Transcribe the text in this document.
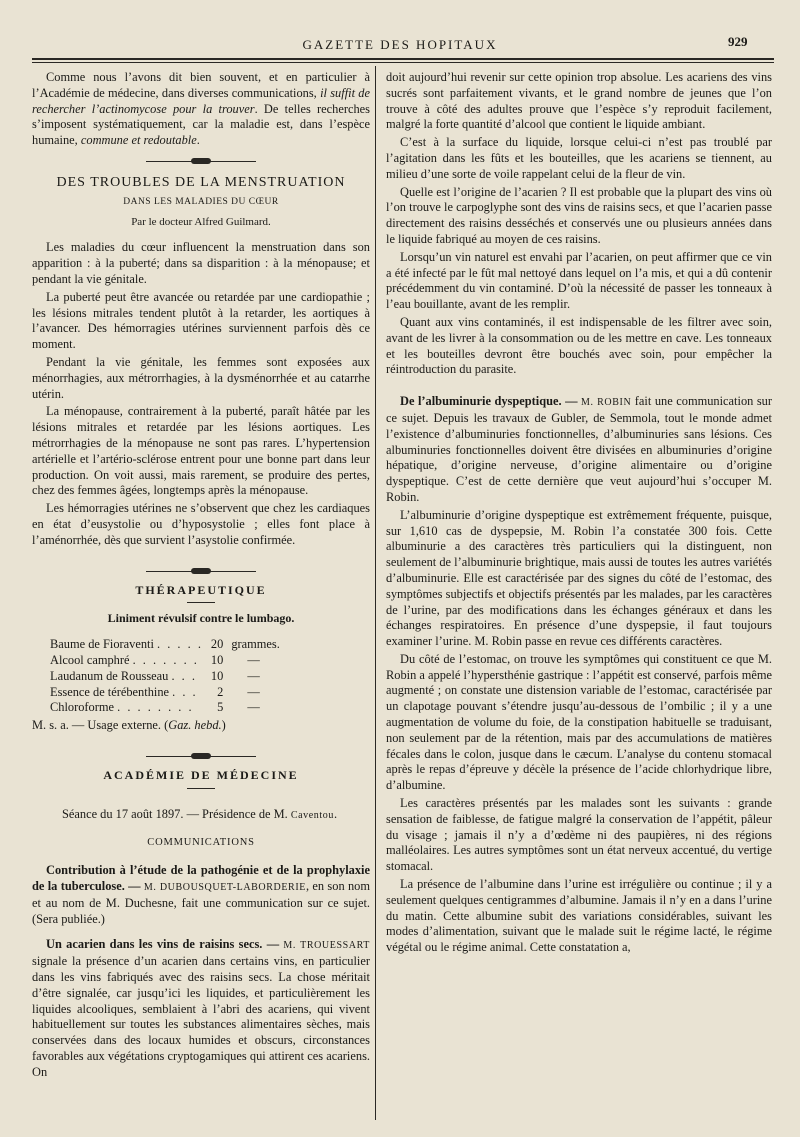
GAZETTE DES HOPITAUX	929

Comme nous l’avons dit bien souvent, et en particulier à l’Académie de médecine, dans diverses communications, il suffit de rechercher l’actinomycose pour la trouver. De telles recherches s’imposent systématiquement, car la maladie est, dans l’espèce humaine, commune et redoutable.

DES TROUBLES DE LA MENSTRUATION
DANS LES MALADIES DU CŒUR
Par le docteur Alfred Guilmard.

Les maladies du cœur influencent la menstruation dans son apparition : à la puberté; dans sa disparition : à la ménopause; et pendant la vie génitale.

La puberté peut être avancée ou retardée par une cardiopathie ; les lésions mitrales tendent plutôt à la retarder, les aortiques à l’avancer. Des hémorragies utérines surviennent parfois dès ce moment.

Pendant la vie génitale, les femmes sont exposées aux ménorrhagies, aux métrorrhagies, à la dysménorrhée et au catarrhe utérin.

La ménopause, contrairement à la puberté, paraît hâtée par les lésions mitrales et retardée par les lésions aortiques. Les métrorrhagies de la ménopause ne sont pas rares. L’hypertension artérielle et l’artério-sclérose entrent pour une bonne part dans leur production. On voit aussi, mais rarement, se produire des pertes, chez des femmes âgées, longtemps après la ménopause.

Les hémorragies utérines ne s’observent que chez les cardiaques en état d’eusystolie ou d’hyposystolie ; elles font place à l’aménorrhée, dès que survient l’asystolie confirmée.

THÉRAPEUTIQUE
Liniment révulsif contre le lumbago.
Baume de Fioraventi . . . . .	20	grammes.
Alcool camphré . . . . . . .	10	—
Laudanum de Rousseau . . .	10	—
Essence de térébenthine . . .	2	—
Chloroforme . . . . . . . .	5	—

M. s. a. — Usage externe. (Gaz. hebd.)

ACADÉMIE DE MÉDECINE

Séance du 17 août 1897. — Présidence de M. Caventou.

COMMUNICATIONS

Contribution à l’étude de la pathogénie et de la prophylaxie de la tuberculose. — M. DUBOUSQUET-LABORDERIE, en son nom et au nom de M. Duchesne, fait une communication sur ce sujet. (Sera publiée.)

Un acarien dans les vins de raisins secs. — M. TROUESSART signale la présence d’un acarien dans certains vins, en particulier dans les vins fabriqués avec des raisins secs. La chose méritait d’être signalée, car jusqu’ici les liquides, et particulièrement les liquides alcooliques, semblaient à l’abri des acariens, qui vivent habituellement sur toutes les substances alimentaires sèches, mais conservées dans des locaux humides et obscurs, circonstances favorables aux végétations cryptogamiques qui attirent ces acariens. On

doit aujourd’hui revenir sur cette opinion trop absolue. Les acariens des vins sucrés sont parfaitement vivants, et le grand nombre de jeunes que l’on trouve à côté des adultes prouve que l’espèce s’y reproduit facilement, malgré la forte quantité d’alcool que contient le liquide ambiant.

C’est à la surface du liquide, lorsque celui-ci n’est pas troublé par l’agitation dans les fûts et les bouteilles, que les acariens se tiennent, au milieu d’une sorte de voile rappelant celui de la fleur de vin.

Quelle est l’origine de l’acarien ? Il est probable que la plupart des vins où l’on trouve le carpoglyphe sont des vins de raisins secs, et que l’acarien passe directement des raisins desséchés et conservés une ou plusieurs années dans le liquide fabriqué au moyen de ces raisins.

Lorsqu’un vin naturel est envahi par l’acarien, on peut affirmer que ce vin a été infecté par le fût mal nettoyé dans lequel on l’a mis, et qui a dû contenir précédemment du vin contaminé. D’où la nécessité de passer les tonneaux à l’eau bouillante, avant de les remplir.

Quant aux vins contaminés, il est indispensable de les filtrer avec soin, avant de les livrer à la consommation ou de les mettre en cave. Les tonneaux et les bouteilles devront être bouchés avec soin, pour empêcher la réintroduction du parasite.

De l’albuminurie dyspeptique. — M. ROBIN fait une communication sur ce sujet. Depuis les travaux de Gubler, de Semmola, tout le monde admet l’existence d’albuminuries fonctionnelles, d’albuminuries sans lésions. Ces albuminuries fonctionnelles doivent être divisées en albuminuries d’origine hépatique, d’origine nerveuse, d’origine alimentaire ou d’origine dyspeptique. C’est de cette dernière que veut aujourd’hui s’occuper M. Robin.

L’albuminurie d’origine dyspeptique est extrêmement fréquente, puisque, sur 1,610 cas de dyspepsie, M. Robin l’a constatée 300 fois. Cette albuminurie a des caractères très particuliers qui la distinguent, non seulement de l’albuminurie brightique, mais aussi de toutes les autres variétés d’albuminurie. Elle est caractérisée par des signes du côté de l’estomac, des symptômes subjectifs et objectifs présentés par les malades, par les caractères de l’urine, par des modifications dans les échanges généraux et dans les échanges respiratoires. En présence d’une dyspepsie, il faut toujours examiner l’urine. M. Robin passe en revue ces différents caractères.

Du côté de l’estomac, on trouve les symptômes qui constituent ce que M. Robin a appelé l’hypersthénie gastrique : l’appétit est conservé, parfois même augmenté ; on constate une distension variable de l’estomac, caractérisée par un clapotage pouvant s’étendre jusqu’au-dessous de l’ombilic ; il y a une augmentation de volume du foie, de la constipation habituelle se traduisant, non seulement par de la rétention, mais par des accumulations de matières fécales dans le colon, jusque dans le cæcum. L’analyse du contenu stomacal après le repas d’épreuve y décèle la présence de l’acide chlorhydrique libre, d’albumine.

Les caractères présentés par les malades sont les suivants : grande sensation de faiblesse, de fatigue malgré la conservation de l’appétit, pâleur du visage ; jamais il n’y a d’œdème ni des paupières, ni des régions malléolaires. Les autres symptômes sont un état nerveux accentué, du vertige stomacal.

La présence de l’albumine dans l’urine est irrégulière ou continue ; il y a seulement quelques centigrammes d’albumine. Jamais il n’y en a dans l’urine du matin. Cette albumine subit des variations considérables, suivant les modes d’alimentation, suivant que le malade suit le régime lacté, le régime végétal ou le régime animal. Cette constatation a,
